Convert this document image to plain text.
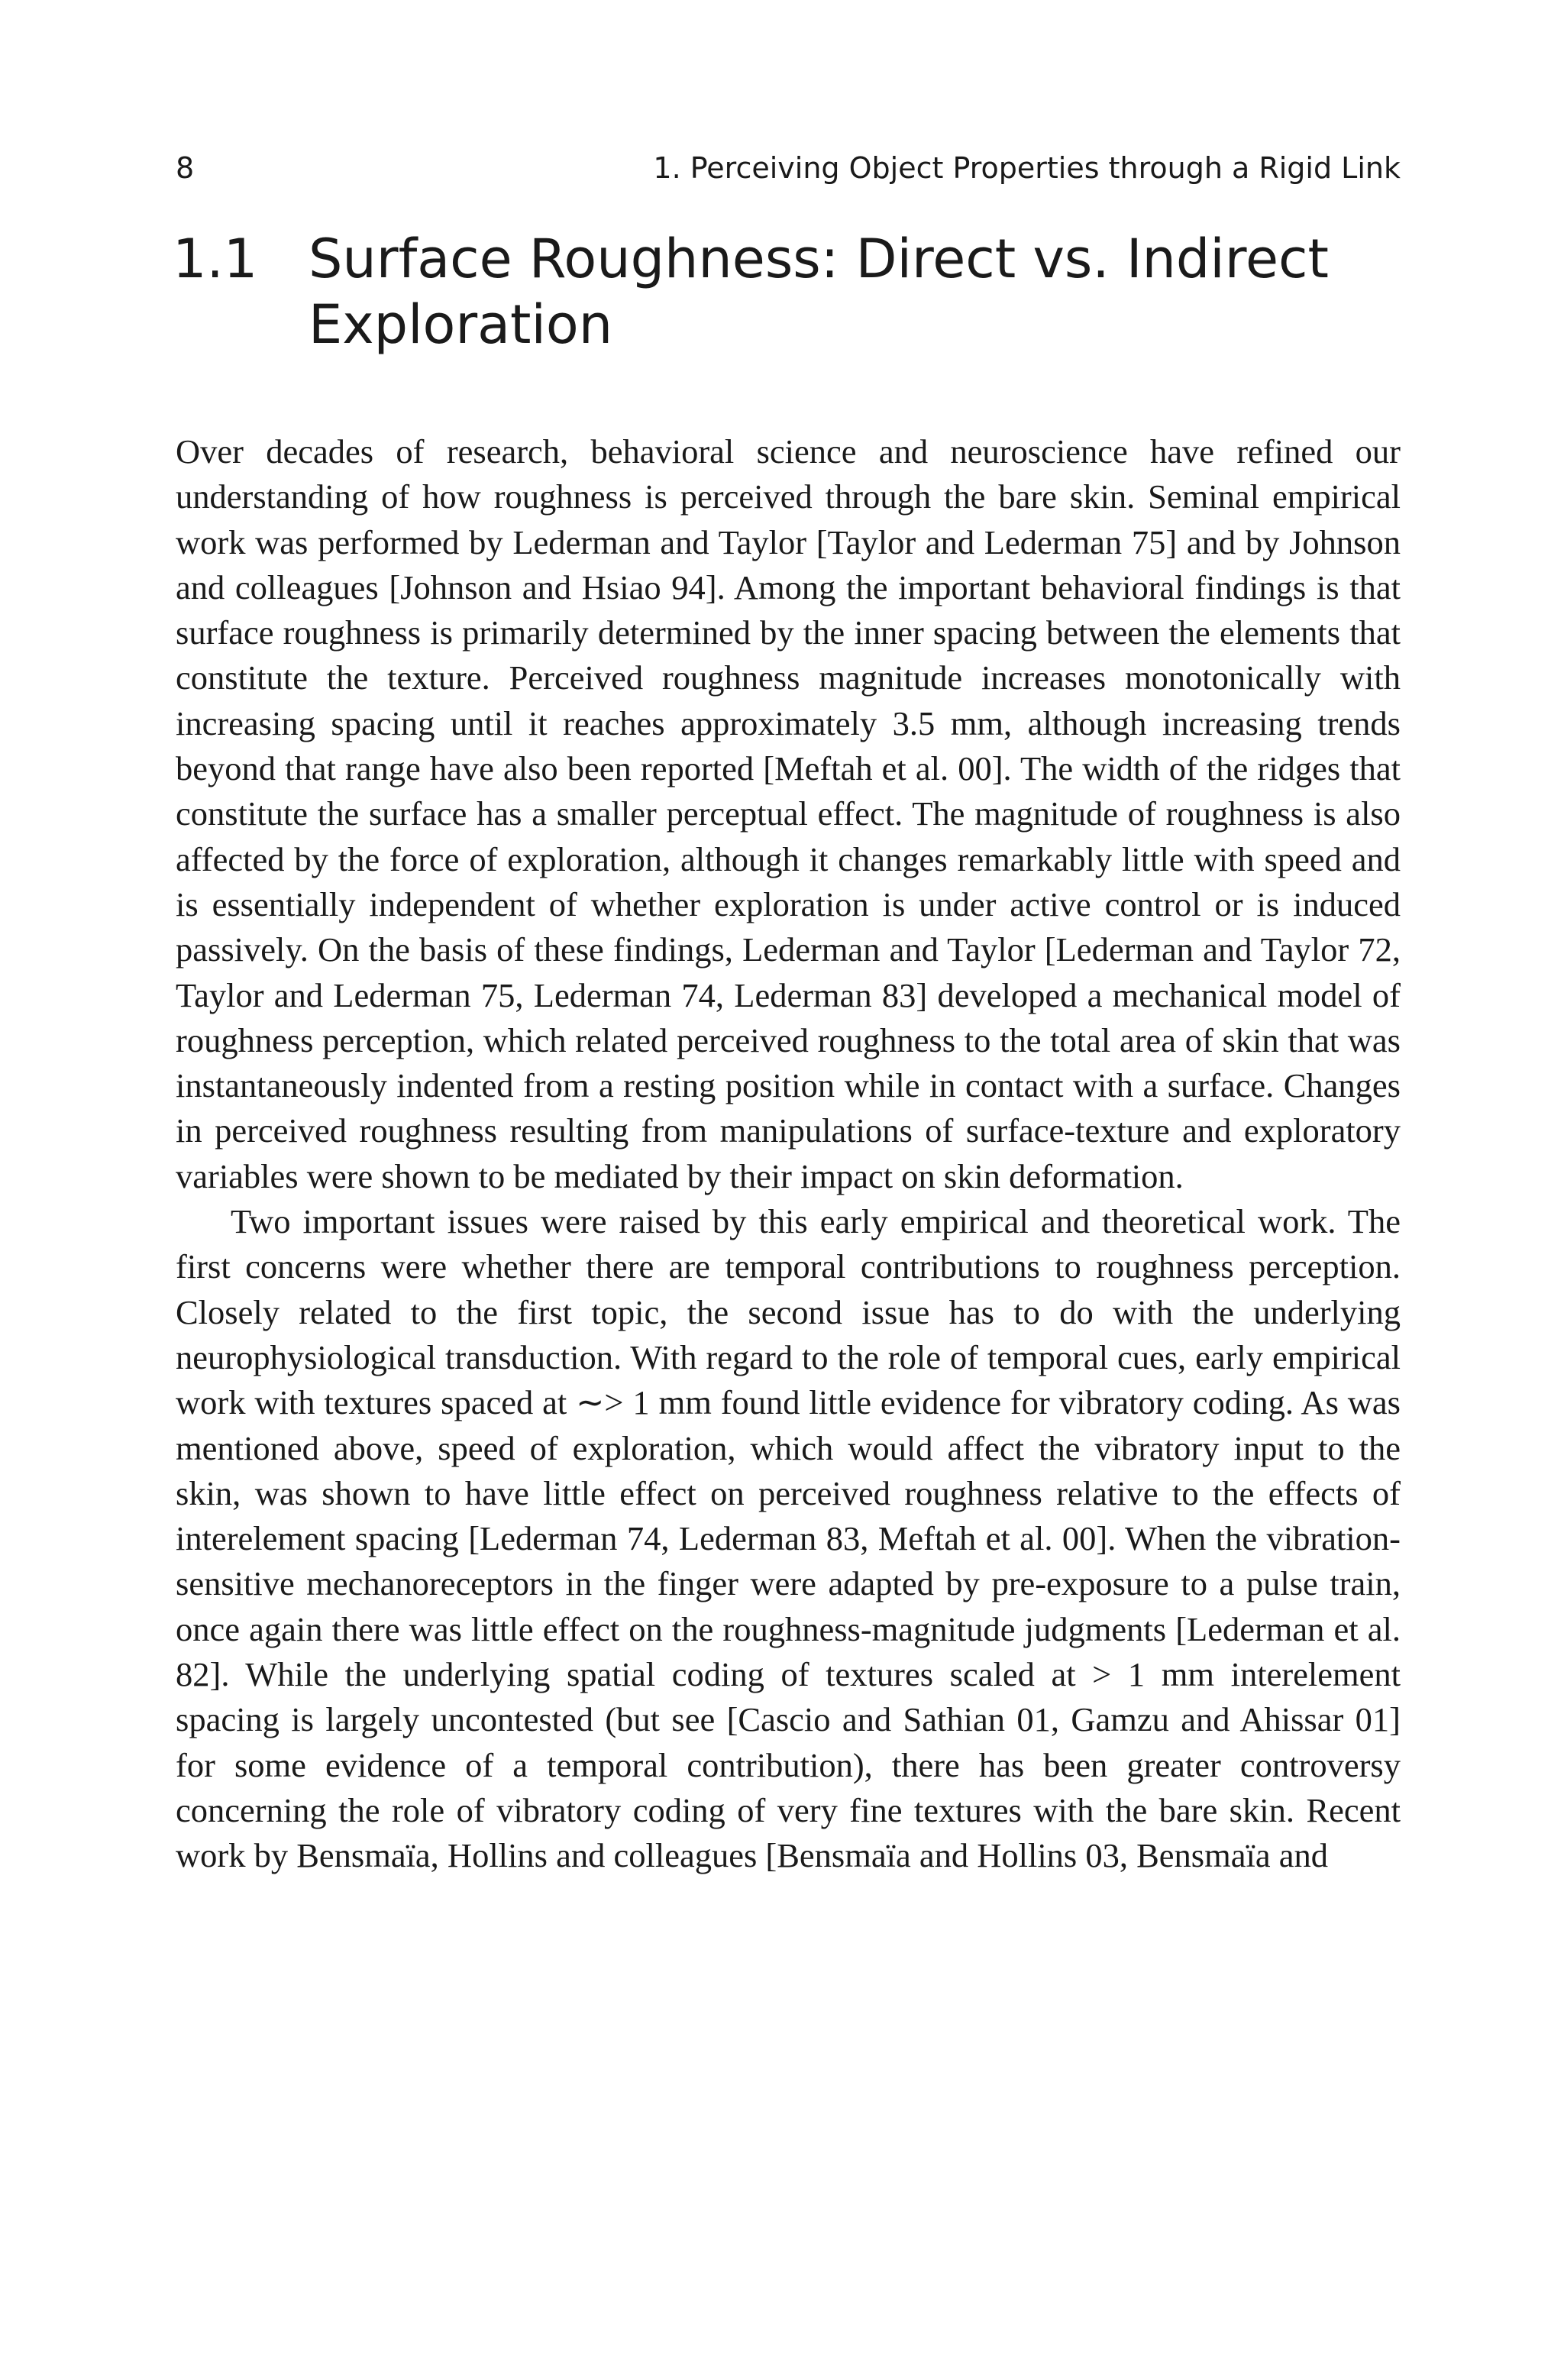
8	1. Perceiving Object Properties through a Rigid Link
1.1 Surface Roughness: Direct vs. Indirect Exploration

Over decades of research, behavioral science and neuroscience have refined our understanding of how roughness is perceived through the bare skin. Seminal empirical work was performed by Lederman and Taylor [Taylor and Lederman 75] and by Johnson and colleagues [Johnson and Hsiao 94]. Among the important behavioral findings is that surface roughness is primarily determined by the inner spacing between the elements that constitute the texture. Perceived roughness magnitude increases monotonically with increasing spacing until it reaches approximately 3.5 mm, although increasing trends beyond that range have also been reported [Meftah et al. 00]. The width of the ridges that constitute the surface has a smaller perceptual effect. The magnitude of roughness is also affected by the force of exploration, although it changes remarkably little with speed and is essentially independent of whether exploration is under active control or is induced passively. On the basis of these findings, Lederman and Taylor [Lederman and Taylor 72, Taylor and Lederman 75, Lederman 74, Lederman 83] developed a mechanical model of roughness perception, which related perceived roughness to the total area of skin that was instantaneously indented from a resting position while in contact with a surface. Changes in perceived roughness resulting from manipulations of surface-texture and exploratory variables were shown to be mediated by their impact on skin deformation.

Two important issues were raised by this early empirical and theoretical work. The first concerns were whether there are temporal contributions to roughness perception. Closely related to the first topic, the second issue has to do with the underlying neurophysiological transduction. With regard to the role of temporal cues, early empirical work with textures spaced at ∼> 1 mm found little evidence for vibratory coding. As was mentioned above, speed of exploration, which would affect the vibratory input to the skin, was shown to have little effect on perceived roughness relative to the effects of interelement spacing [Lederman 74, Lederman 83, Meftah et al. 00]. When the vibration-sensitive mechanoreceptors in the finger were adapted by pre-exposure to a pulse train, once again there was little effect on the roughness-magnitude judgments [Lederman et al. 82]. While the underlying spatial coding of textures scaled at > 1 mm interelement spacing is largely uncontested (but see [Cascio and Sathian 01, Gamzu and Ahissar 01] for some evidence of a temporal contribution), there has been greater controversy concerning the role of vibratory coding of very fine textures with the bare skin. Recent work by Bensmaïa, Hollins and colleagues [Bensmaïa and Hollins 03, Bensmaïa and
